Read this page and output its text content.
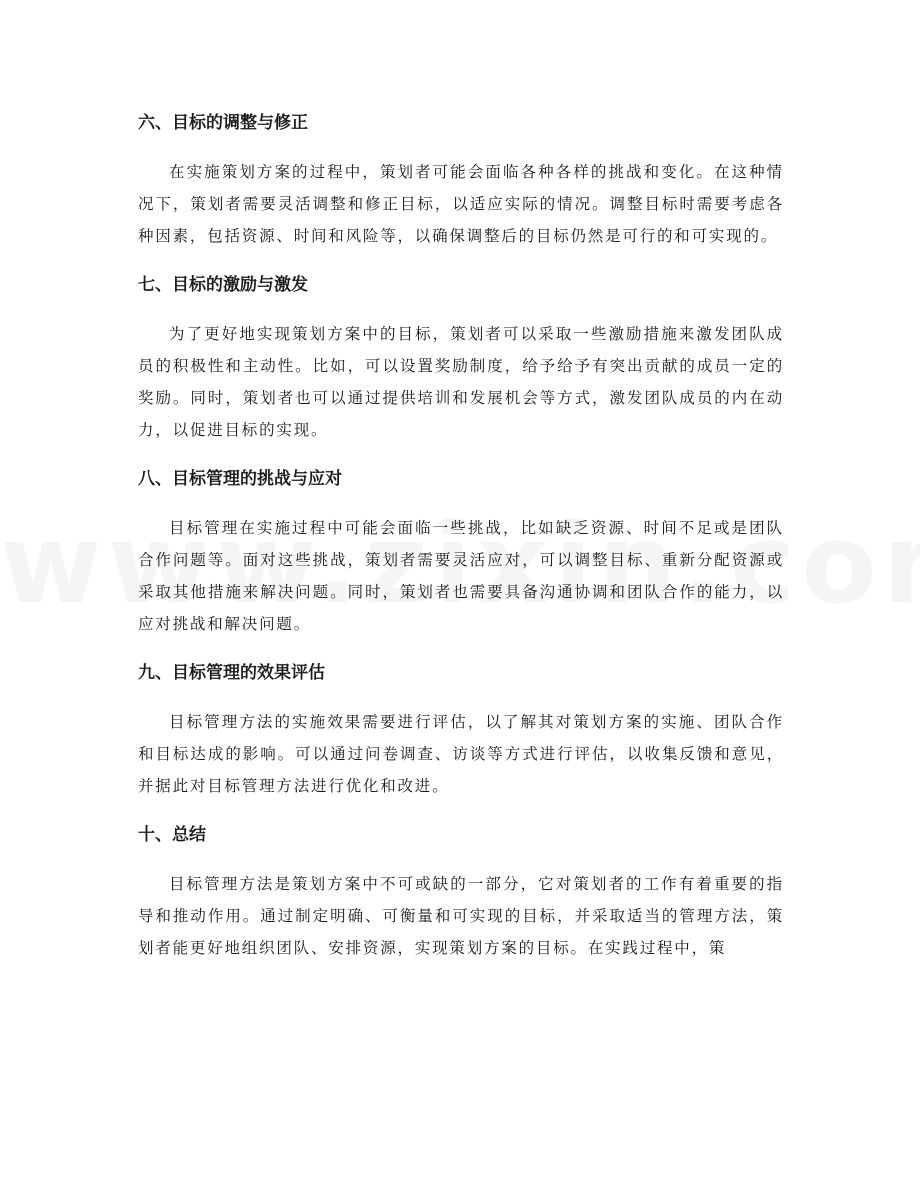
六、目标的调整与修正

在实施策划方案的过程中，策划者可能会面临各种各样的挑战和变化。在这种情况下，策划者需要灵活调整和修正目标，以适应实际的情况。调整目标时需要考虑各种因素，包括资源、时间和风险等，以确保调整后的目标仍然是可行的和可实现的。

七、目标的激励与激发

为了更好地实现策划方案中的目标，策划者可以采取一些激励措施来激发团队成员的积极性和主动性。比如，可以设置奖励制度，给予给予有突出贡献的成员一定的奖励。同时，策划者也可以通过提供培训和发展机会等方式，激发团队成员的内在动力，以促进目标的实现。

八、目标管理的挑战与应对

目标管理在实施过程中可能会面临一些挑战，比如缺乏资源、时间不足或是团队合作问题等。面对这些挑战，策划者需要灵活应对，可以调整目标、重新分配资源或采取其他措施来解决问题。同时，策划者也需要具备沟通协调和团队合作的能力，以应对挑战和解决问题。

九、目标管理的效果评估

目标管理方法的实施效果需要进行评估，以了解其对策划方案的实施、团队合作和目标达成的影响。可以通过问卷调查、访谈等方式进行评估，以收集反馈和意见，并据此对目标管理方法进行优化和改进。

十、总结

目标管理方法是策划方案中不可或缺的一部分，它对策划者的工作有着重要的指导和推动作用。通过制定明确、可衡量和可实现的目标，并采取适当的管理方法，策划者能更好地组织团队、安排资源，实现策划方案的目标。在实践过程中，策
